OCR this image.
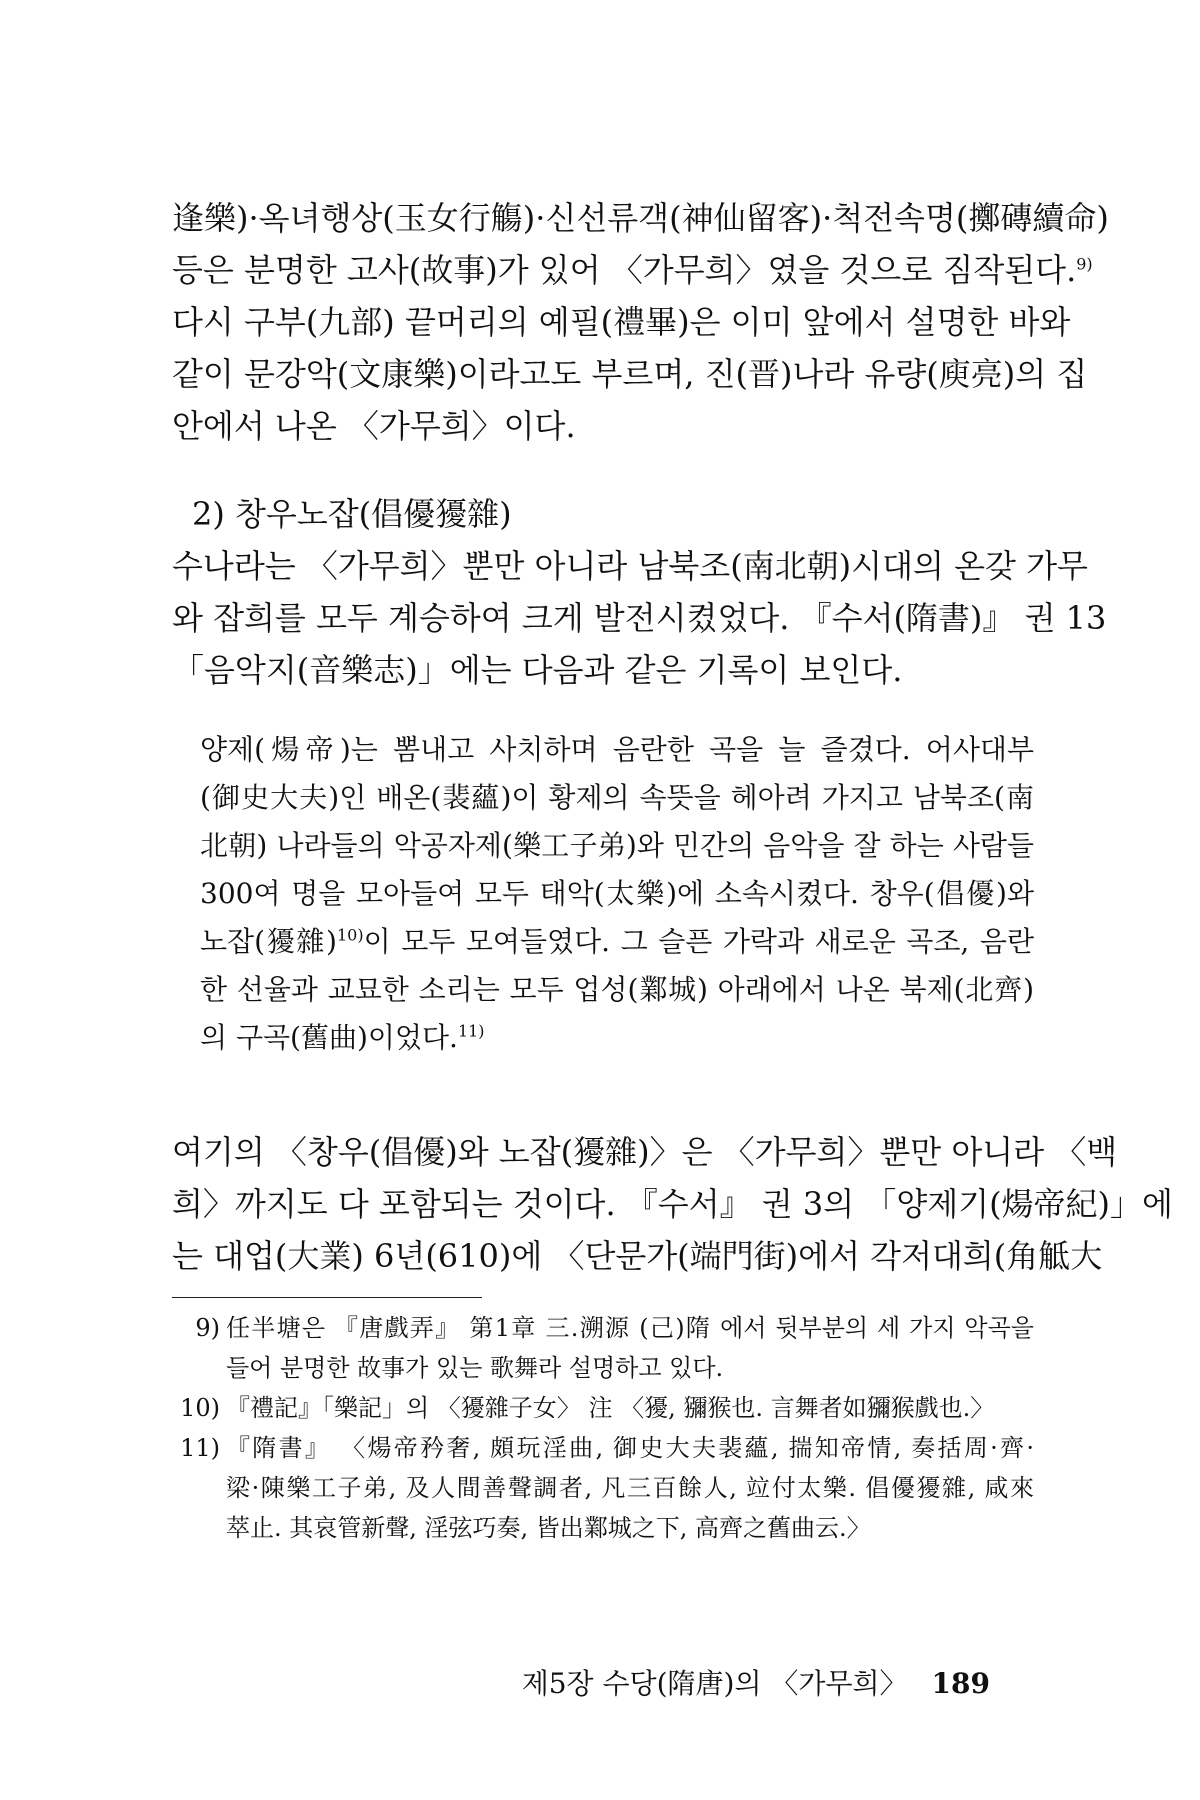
逢樂)·옥녀행상(玉女行觴)·신선류객(神仙留客)·척전속명(擲磚續命)
등은 분명한 고사(故事)가 있어 〈가무희〉였을 것으로 짐작된다.$^{9)}$
다시 구부(九部) 끝머리의 예필(禮畢)은 이미 앞에서 설명한 바와
같이 문강악(文康樂)이라고도 부르며, 진(晋)나라 유량(庾亮)의 집
안에서 나온 〈가무희〉이다.
2) 창우노잡(倡優獶雜)
수나라는 〈가무희〉뿐만 아니라 남북조(南北朝)시대의 온갖 가무
와 잡희를 모두 계승하여 크게 발전시켰었다. 『수서(隋書)』 권 13
「음악지(音樂志)」에는 다음과 같은 기록이 보인다.
양제(煬帝)는 뽐내고 사치하며 음란한 곡을 늘 즐겼다. 어사대부
(御史大夫)인 배온(裴蘊)이 황제의 속뜻을 헤아려 가지고 남북조(南
北朝) 나라들의 악공자제(樂工子弟)와 민간의 음악을 잘 하는 사람들
300여 명을 모아들여 모두 태악(太樂)에 소속시켰다. 창우(倡優)와
노잡(獶雜)$^{10)}$이 모두 모여들였다. 그 슬픈 가락과 새로운 곡조, 음란
한 선율과 교묘한 소리는 모두 업성(鄴城) 아래에서 나온 북제(北齊)
의 구곡(舊曲)이었다.$^{11)}$
여기의 〈창우(倡優)와 노잡(獶雜)〉은 〈가무희〉뿐만 아니라 〈백
희〉까지도 다 포함되는 것이다. 『수서』 권 3의 「양제기(煬帝紀)」에
는 대업(大業) 6년(610)에 〈단문가(端門街)에서 각저대희(角觝大
9) 任半塘은 『唐戲弄』 第1章 三.溯源 (己)隋 에서 뒷부분의 세 가지 악곡을
들어 분명한 故事가 있는 歌舞라 설명하고 있다.
10) 『禮記』「樂記」의 〈獶雜子女〉 注 〈獶, 獼猴也. 言舞者如獼猴戲也.〉
11) 『隋書』 〈煬帝矜奢, 頗玩淫曲, 御史大夫裴蘊, 揣知帝情, 奏括周·齊·
梁·陳樂工子弟, 及人間善聲調者, 凡三百餘人, 竝付太樂. 倡優獶雜, 咸來
萃止. 其哀管新聲, 淫弦巧奏, 皆出鄴城之下, 高齊之舊曲云.〉
제5장 수당(隋唐)의 〈가무희〉 189
